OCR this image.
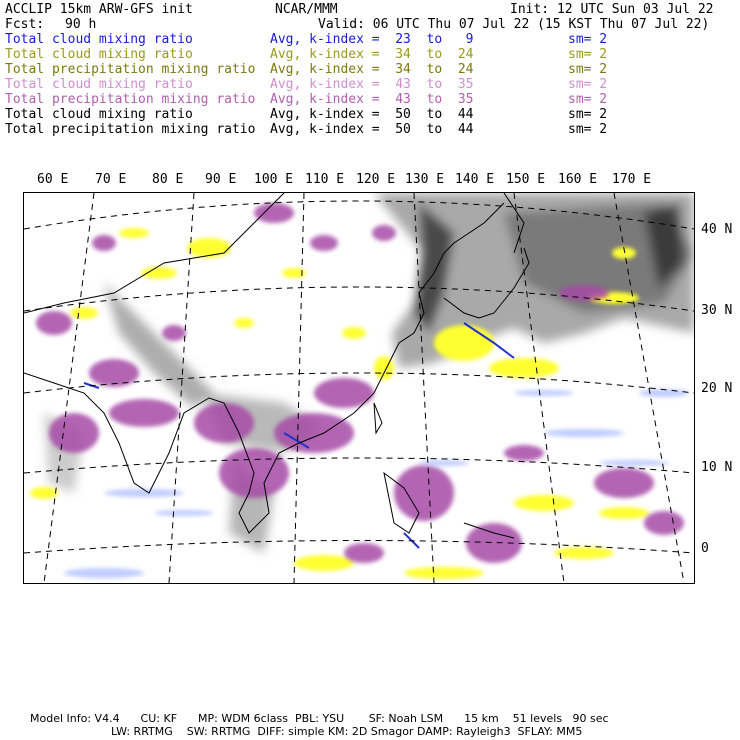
ACCLIP 15km ARW-GFS init	NCAR/MMM	Init: 12 UTC Sun 03 Jul 22
Fcst: 90 h	Valid: 06 UTC Thu 07 Jul 22 (15 KST Thu 07 Jul 22)
Total cloud mixing ratio	Avg, k-index =  23  to   9	sm= 2
Total cloud mixing ratio	Avg, k-index =  34  to  24	sm= 2
Total precipitation mixing ratio Avg, k-index =  34  to  24	sm= 2
Total cloud mixing ratio	Avg, k-index =  43  to  35	sm= 2
Total precipitation mixing ratio Avg, k-index =  43  to  35	sm= 2
Total cloud mixing ratio	Avg, k-index =  50  to  44	sm= 2
Total precipitation mixing ratio Avg, k-index =  50  to  44	sm= 2
60 E 70 E 80 E 90 E 100 E 110 E 120 E 130 E 140 E 150 E 160 E 170 E
40 N
30 N
20 N
10 N
0
Model Info: V4.4      CU: KF      MP: WDM 6class  PBL: YSU       SF: Noah LSM      15 km    51 levels   90 sec
LW: RRTMG    SW: RRTMG  DIFF: simple KM: 2D Smagor DAMP: Rayleigh3  SFLAY: MM5
